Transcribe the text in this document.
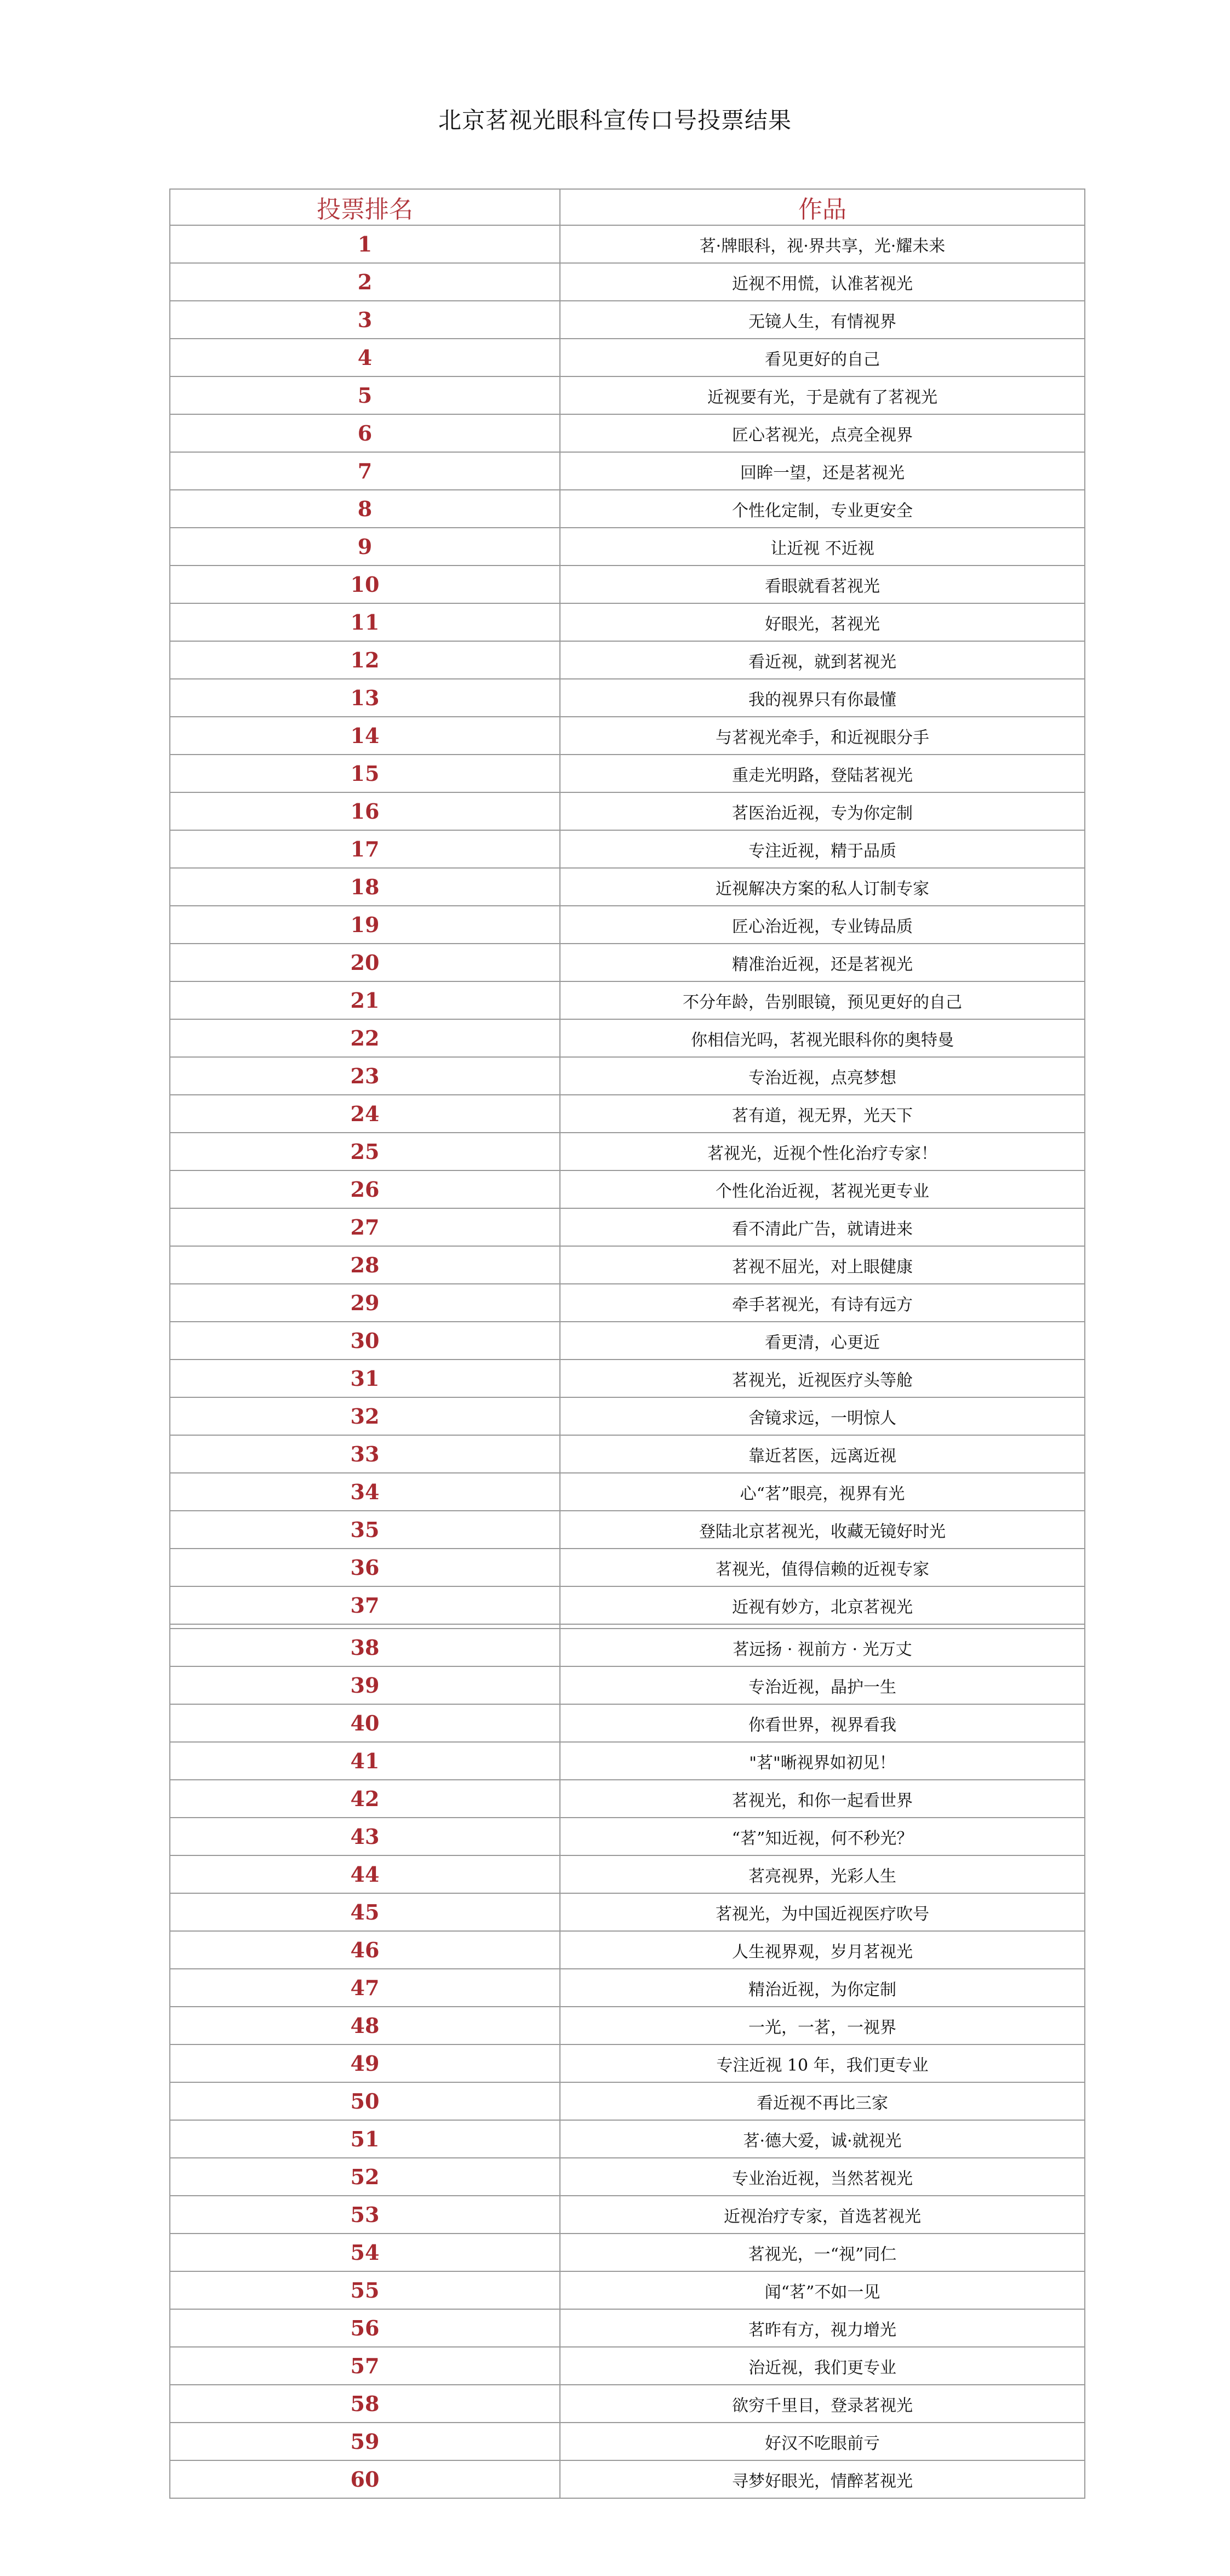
北京茗视光眼科宣传口号投票结果
投票排名	作品
1	茗·牌眼科，视·界共享，光·耀未来
2	近视不用慌，认准茗视光
3	无镜人生，有情视界
4	看见更好的自己
5	近视要有光，于是就有了茗视光
6	匠心茗视光，点亮全视界
7	回眸一望，还是茗视光
8	个性化定制，专业更安全
9	让近视 不近视
10	看眼就看茗视光
11	好眼光，茗视光
12	看近视，就到茗视光
13	我的视界只有你最懂
14	与茗视光牵手，和近视眼分手
15	重走光明路，登陆茗视光
16	茗医治近视，专为你定制
17	专注近视，精于品质
18	近视解决方案的私人订制专家
19	匠心治近视，专业铸品质
20	精准治近视，还是茗视光
21	不分年龄，告别眼镜，预见更好的自己
22	你相信光吗，茗视光眼科你的奥特曼
23	专治近视，点亮梦想
24	茗有道，视无界，光天下
25	茗视光，近视个性化治疗专家！
26	个性化治近视，茗视光更专业
27	看不清此广告，就请进来
28	茗视不屈光，对上眼健康
29	牵手茗视光，有诗有远方
30	看更清，心更近
31	茗视光，近视医疗头等舱
32	舍镜求远，一明惊人
33	靠近茗医，远离近视
34	心“茗”眼亮，视界有光
35	登陆北京茗视光，收藏无镜好时光
36	茗视光，值得信赖的近视专家
37	近视有妙方，北京茗视光

38	茗远扬 · 视前方 · 光万丈
39	专治近视，晶护一生
40	你看世界，视界看我
41	"茗"晰视界如初见！
42	茗视光，和你一起看世界
43	“茗”知近视，何不秒光？
44	茗亮视界，光彩人生
45	茗视光，为中国近视医疗吹号
46	人生视界观，岁月茗视光
47	精治近视，为你定制
48	一光，一茗，一视界
49	专注近视 10 年，我们更专业
50	看近视不再比三家
51	茗·德大爱，诚·就视光
52	专业治近视，当然茗视光
53	近视治疗专家，首选茗视光
54	茗视光，一“视”同仁
55	闻“茗”不如一见
56	茗昨有方，视力增光
57	治近视，我们更专业
58	欲穷千里目，登录茗视光
59	好汉不吃眼前亏
60	寻梦好眼光，情醉茗视光
